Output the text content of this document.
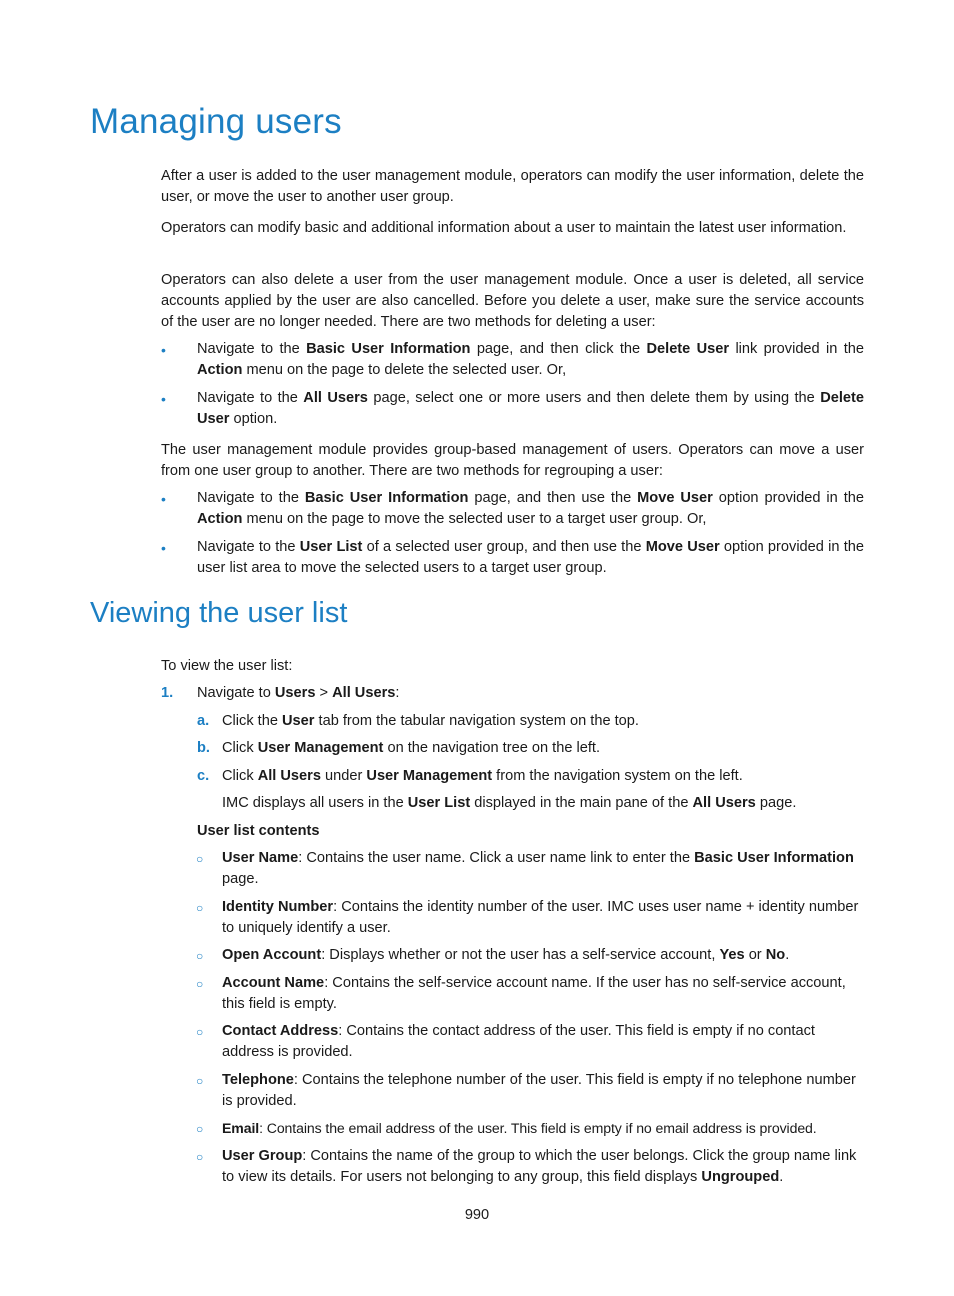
Managing users

After a user is added to the user management module, operators can modify the user information, delete the user, or move the user to another user group.

Operators can modify basic and additional information about a user to maintain the latest user information.

Operators can also delete a user from the user management module. Once a user is deleted, all service accounts applied by the user are also cancelled. Before you delete a user, make sure the service accounts of the user are no longer needed. There are two methods for deleting a user:

• Navigate to the Basic User Information page, and then click the Delete User link provided in the Action menu on the page to delete the selected user. Or,

• Navigate to the All Users page, select one or more users and then delete them by using the Delete User option.

The user management module provides group-based management of users. Operators can move a user from one user group to another. There are two methods for regrouping a user:

• Navigate to the Basic User Information page, and then use the Move User option provided in the Action menu on the page to move the selected user to a target user group. Or,

• Navigate to the User List of a selected user group, and then use the Move User option provided in the user list area to move the selected users to a target user group.

Viewing the user list

To view the user list:

1. Navigate to Users > All Users:

a. Click the User tab from the tabular navigation system on the top.

b. Click User Management on the navigation tree on the left.

c. Click All Users under User Management from the navigation system on the left.

IMC displays all users in the User List displayed in the main pane of the All Users page.

User list contents

○ User Name: Contains the user name. Click a user name link to enter the Basic User Information page.

○ Identity Number: Contains the identity number of the user. IMC uses user name + identity number to uniquely identify a user.

○ Open Account: Displays whether or not the user has a self-service account, Yes or No.

○ Account Name: Contains the self-service account name. If the user has no self-service account, this field is empty.

○ Contact Address: Contains the contact address of the user. This field is empty if no contact address is provided.

○ Telephone: Contains the telephone number of the user. This field is empty if no telephone number is provided.

○ Email: Contains the email address of the user. This field is empty if no email address is provided.

○ User Group: Contains the name of the group to which the user belongs. Click the group name link to view its details. For users not belonging to any group, this field displays Ungrouped.

990
